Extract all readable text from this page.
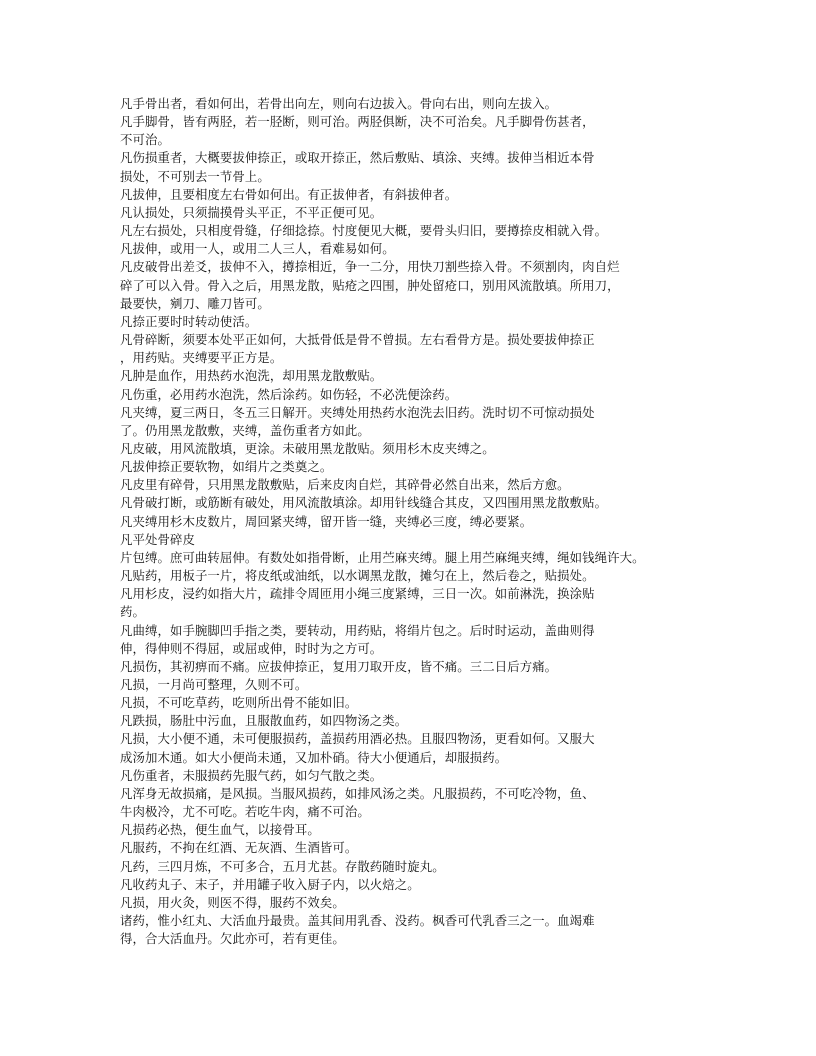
凡手骨出者，看如何出，若骨出向左，则向右边拔入。骨向右出，则向左拔入。
凡手脚骨，皆有两胫，若一胫断，则可治。两胫俱断，决不可治矣。凡手脚骨伤甚者，
不可治。
凡伤损重者，大概要拔伸捺正，或取开捺正，然后敷贴、填涂、夹缚。拔伸当相近本骨
损处，不可别去一节骨上。
凡拔伸，且要相度左右骨如何出。有正拔伸者，有斜拔伸者。
凡认损处，只须揣摸骨头平正，不平正便可见。
凡左右损处，只相度骨缝，仔细捻捺。忖度便见大概，要骨头归旧，要撙捺皮相就入骨。
凡拔伸，或用一人，或用二人三人，看难易如何。
凡皮破骨出差爻，拔伸不入，撙捺相近，争一二分，用快刀割些捺入骨。不须割肉，肉自烂
碎了可以入骨。骨入之后，用黑龙散，贴疮之四围，肿处留疮口，别用风流散填。所用刀，
最要快，剜刀、雕刀皆可。
凡捺正要时时转动使活。
凡骨碎断，须要本处平正如何，大抵骨低是骨不曾损。左右看骨方是。损处要拔伸捺正
，用药贴。夹缚要平正方是。
凡肿是血作，用热药水泡洗，却用黑龙散敷贴。
凡伤重，必用药水泡洗，然后涂药。如伤轻，不必洗便涂药。
凡夹缚，夏三两日，冬五三日解开。夹缚处用热药水泡洗去旧药。洗时切不可惊动损处
了。仍用黑龙散敷，夹缚，盖伤重者方如此。
凡皮破，用风流散填，更涂。未破用黑龙散贴。须用杉木皮夹缚之。
凡拔伸捺正要软物，如绢片之类奠之。
凡皮里有碎骨，只用黑龙散敷贴，后来皮肉自烂，其碎骨必然自出来，然后方愈。
凡骨破打断，或筋断有破处，用风流散填涂。却用针线缝合其皮，又四围用黑龙散敷贴。
凡夹缚用杉木皮数片，周回紧夹缚，留开皆一缝，夹缚必三度，缚必要紧。
凡平处骨碎皮
片包缚。庶可曲转屈伸。有数处如指骨断，止用苎麻夹缚。腿上用苎麻绳夹缚，绳如钱绳许大。
凡贴药，用板子一片，将皮纸或油纸，以水调黑龙散，摊匀在上，然后卷之，贴损处。
凡用杉皮，浸约如指大片，疏排令周匝用小绳三度紧缚，三日一次。如前淋洗，换涂贴
药。
凡曲缚，如手腕脚凹手指之类，要转动，用药贴，将绢片包之。后时时运动，盖曲则得
伸，得伸则不得屈，或屈或伸，时时为之方可。
凡损伤，其初痹而不痛。应拔伸捺正，复用刀取开皮，皆不痛。三二日后方痛。
凡损，一月尚可整理，久则不可。
凡损，不可吃草药，吃则所出骨不能如旧。
凡跌损，肠肚中污血，且服散血药，如四物汤之类。
凡损，大小便不通，未可便服损药，盖损药用酒必热。且服四物汤，更看如何。又服大
成汤加木通。如大小便尚未通，又加朴硝。待大小便通后，却服损药。
凡伤重者，未服损药先服气药，如匀气散之类。
凡浑身无故损痛，是风损。当服风损药，如排风汤之类。凡服损药，不可吃冷物，鱼、
牛肉极冷，尤不可吃。若吃牛肉，痛不可治。
凡损药必热，便生血气，以接骨耳。
凡服药，不拘在红酒、无灰酒、生酒皆可。
凡药，三四月炼，不可多合，五月尤甚。存散药随时旋丸。
凡收药丸子、末子，并用罐子收入厨子内，以火焙之。
凡损，用火灸，则医不得，服药不效矣。
诸药，惟小红丸、大活血丹最贵。盖其间用乳香、没药。枫香可代乳香三之一。血竭难
得，合大活血丹。欠此亦可，若有更佳。
